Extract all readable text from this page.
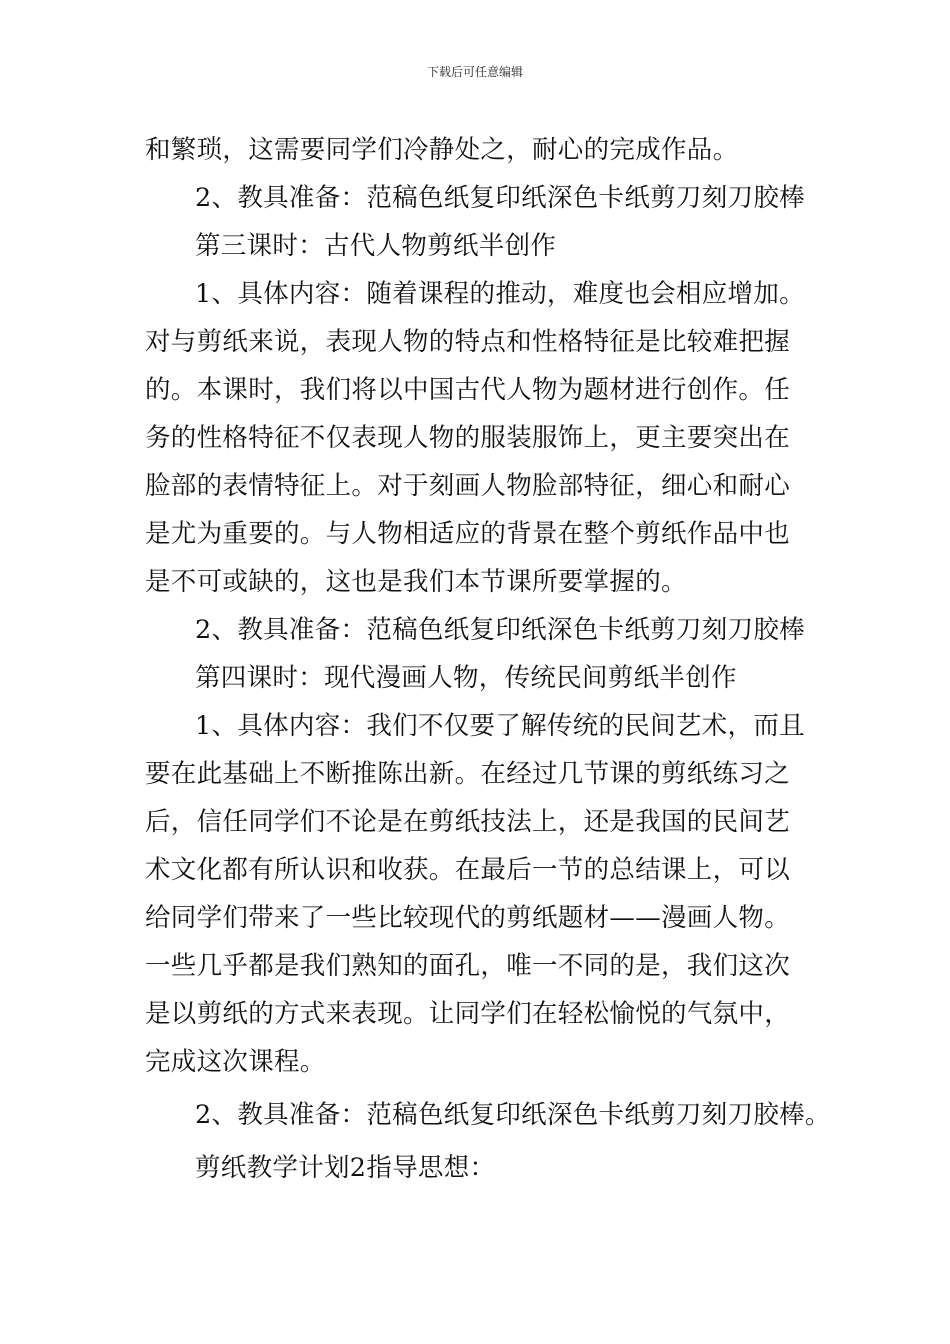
下载后可任意编辑
和繁琐，这需要同学们冷静处之，耐心的完成作品。
2、教具准备：范稿色纸复印纸深色卡纸剪刀刻刀胶棒
第三课时：古代人物剪纸半创作
1、具体内容：随着课程的推动，难度也会相应增加。
对与剪纸来说，表现人物的特点和性格特征是比较难把握
的。本课时，我们将以中国古代人物为题材进行创作。任
务的性格特征不仅表现人物的服装服饰上，更主要突出在
脸部的表情特征上。对于刻画人物脸部特征，细心和耐心
是尤为重要的。与人物相适应的背景在整个剪纸作品中也
是不可或缺的，这也是我们本节课所要掌握的。
2、教具准备：范稿色纸复印纸深色卡纸剪刀刻刀胶棒
第四课时：现代漫画人物，传统民间剪纸半创作
1、具体内容：我们不仅要了解传统的民间艺术，而且
要在此基础上不断推陈出新。在经过几节课的剪纸练习之
后，信任同学们不论是在剪纸技法上，还是我国的民间艺
术文化都有所认识和收获。在最后一节的总结课上，可以
给同学们带来了一些比较现代的剪纸题材——漫画人物。
一些几乎都是我们熟知的面孔，唯一不同的是，我们这次
是以剪纸的方式来表现。让同学们在轻松愉悦的气氛中，
完成这次课程。
2、教具准备：范稿色纸复印纸深色卡纸剪刀刻刀胶棒。
剪纸教学计划2指导思想：
